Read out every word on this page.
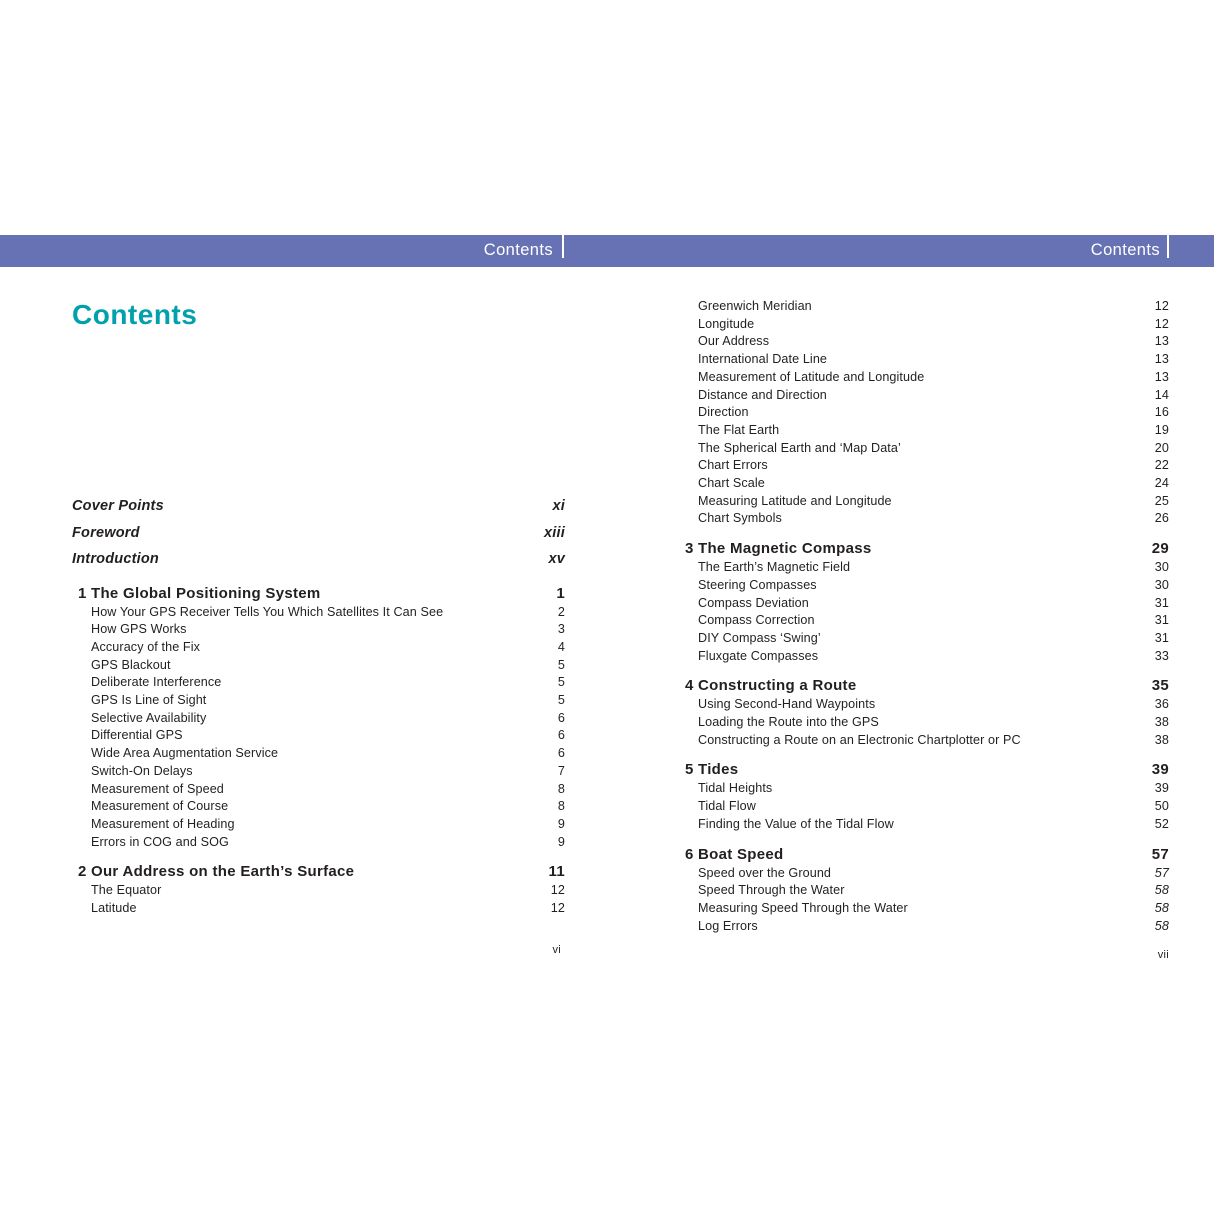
Contents	Contents
Contents
Cover Points	xi
Foreword	xiii
Introduction	xv
1 The Global Positioning System	1
How Your GPS Receiver Tells You Which Satellites It Can See	2
How GPS Works	3
Accuracy of the Fix	4
GPS Blackout	5
Deliberate Interference	5
GPS Is Line of Sight	5
Selective Availability	6
Differential GPS	6
Wide Area Augmentation Service	6
Switch-On Delays	7
Measurement of Speed	8
Measurement of Course	8
Measurement of Heading	9
Errors in COG and SOG	9
2 Our Address on the Earth’s Surface	11
The Equator	12
Latitude	12
vi
Greenwich Meridian	12
Longitude	12
Our Address	13
International Date Line	13
Measurement of Latitude and Longitude	13
Distance and Direction	14
Direction	16
The Flat Earth	19
The Spherical Earth and ‘Map Data’	20
Chart Errors	22
Chart Scale	24
Measuring Latitude and Longitude	25
Chart Symbols	26
3 The Magnetic Compass	29
The Earth’s Magnetic Field	30
Steering Compasses	30
Compass Deviation	31
Compass Correction	31
DIY Compass ‘Swing’	31
Fluxgate Compasses	33
4 Constructing a Route	35
Using Second-Hand Waypoints	36
Loading the Route into the GPS	38
Constructing a Route on an Electronic Chartplotter or PC	38
5 Tides	39
Tidal Heights	39
Tidal Flow	50
Finding the Value of the Tidal Flow	52
6 Boat Speed	57
Speed over the Ground	57
Speed Through the Water	58
Measuring Speed Through the Water	58
Log Errors	58
vii
